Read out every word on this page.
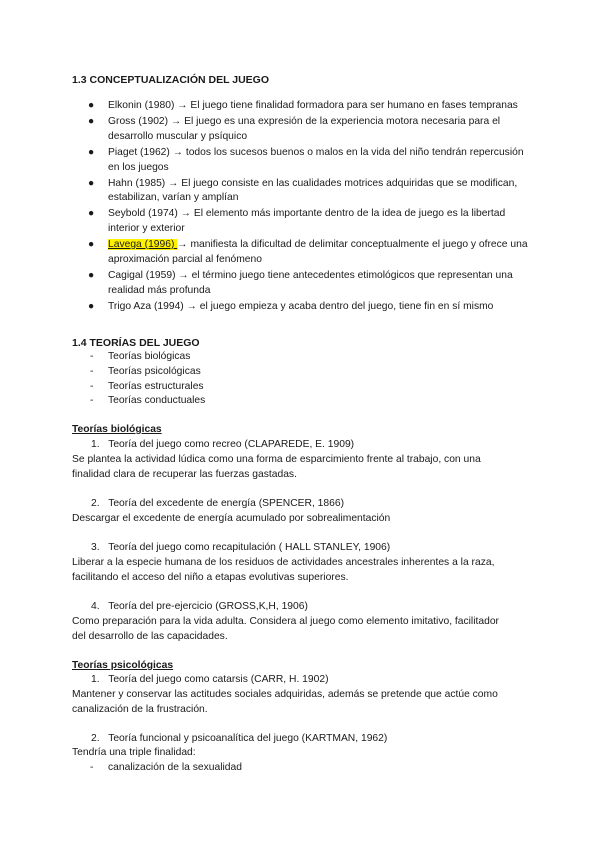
1.3 CONCEPTUALIZACIÓN DEL JUEGO
● Elkonin (1980) → El juego tiene finalidad formadora para ser humano en fases tempranas
● Gross (1902) → El juego es una expresión de la experiencia motora necesaria para el desarrollo muscular y psíquico
● Piaget (1962) → todos los sucesos buenos o malos en la vida del niño tendrán repercusión en los juegos
● Hahn (1985) → El juego consiste en las cualidades motrices adquiridas que se modifican, estabilizan, varían y amplían
● Seybold (1974) → El elemento más importante dentro de la idea de juego es la libertad interior y exterior
● Lavega (1996) → manifiesta la dificultad de delimitar conceptualmente el juego y ofrece una aproximación parcial al fenómeno
● Cagigal (1959) → el término juego tiene antecedentes etimológicos que representan una realidad más profunda
● Trigo Aza (1994) → el juego empieza y acaba dentro del juego, tiene fin en sí mismo
1.4 TEORÍAS DEL JUEGO
- Teorías biológicas
- Teorías psicológicas
- Teorías estructurales
- Teorías conductuales
Teorías biológicas
1. Teoría del juego como recreo (CLAPAREDE, E. 1909)
Se plantea la actividad lúdica como una forma de esparcimiento frente al trabajo, con una finalidad clara de recuperar las fuerzas gastadas.
2. Teoría del excedente de energía (SPENCER, 1866)
Descargar el excedente de energía acumulado por sobrealimentación
3. Teoría del juego como recapitulación ( HALL STANLEY, 1906)
Liberar a la especie humana de los residuos de actividades ancestrales inherentes a la raza, facilitando el acceso del niño a etapas evolutivas superiores.
4. Teoría del pre-ejercicio (GROSS,K,H, 1906)
Como preparación para la vida adulta. Considera al juego como elemento imitativo, facilitador del desarrollo de las capacidades.
Teorías psicológicas
1. Teoría del juego como catarsis (CARR, H. 1902)
Mantener y conservar las actitudes sociales adquiridas, además se pretende que actúe como canalización de la frustración.
2. Teoría funcional y psicoanalítica del juego (KARTMAN, 1962)
Tendría una triple finalidad:
- canalización de la sexualidad
